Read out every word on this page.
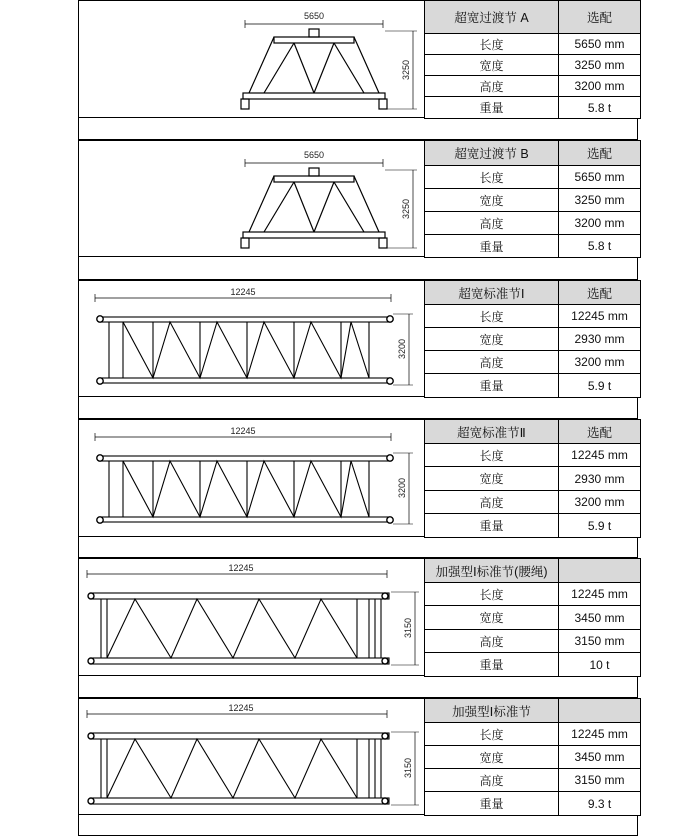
5650
3250
超宽过渡节 A	选配
长度	5650 mm
宽度	3250 mm
高度	3200 mm
重量	5.8 t
5650
3250
超宽过渡节 B	选配
长度	5650 mm
宽度	3250 mm
高度	3200 mm
重量	5.8 t
12245
3200
超宽标准节Ⅰ	选配
长度	12245 mm
宽度	2930 mm
高度	3200 mm
重量	5.9 t
12245
3200
超宽标准节Ⅱ	选配
长度	12245 mm
宽度	2930 mm
高度	3200 mm
重量	5.9 t
12245
3150
加强型Ⅰ标准节(腰绳)	
长度	12245 mm
宽度	3450 mm
高度	3150 mm
重量	10 t
12245
3150
加强型Ⅰ标准节	
长度	12245 mm
宽度	3450 mm
高度	3150 mm
重量	9.3 t
